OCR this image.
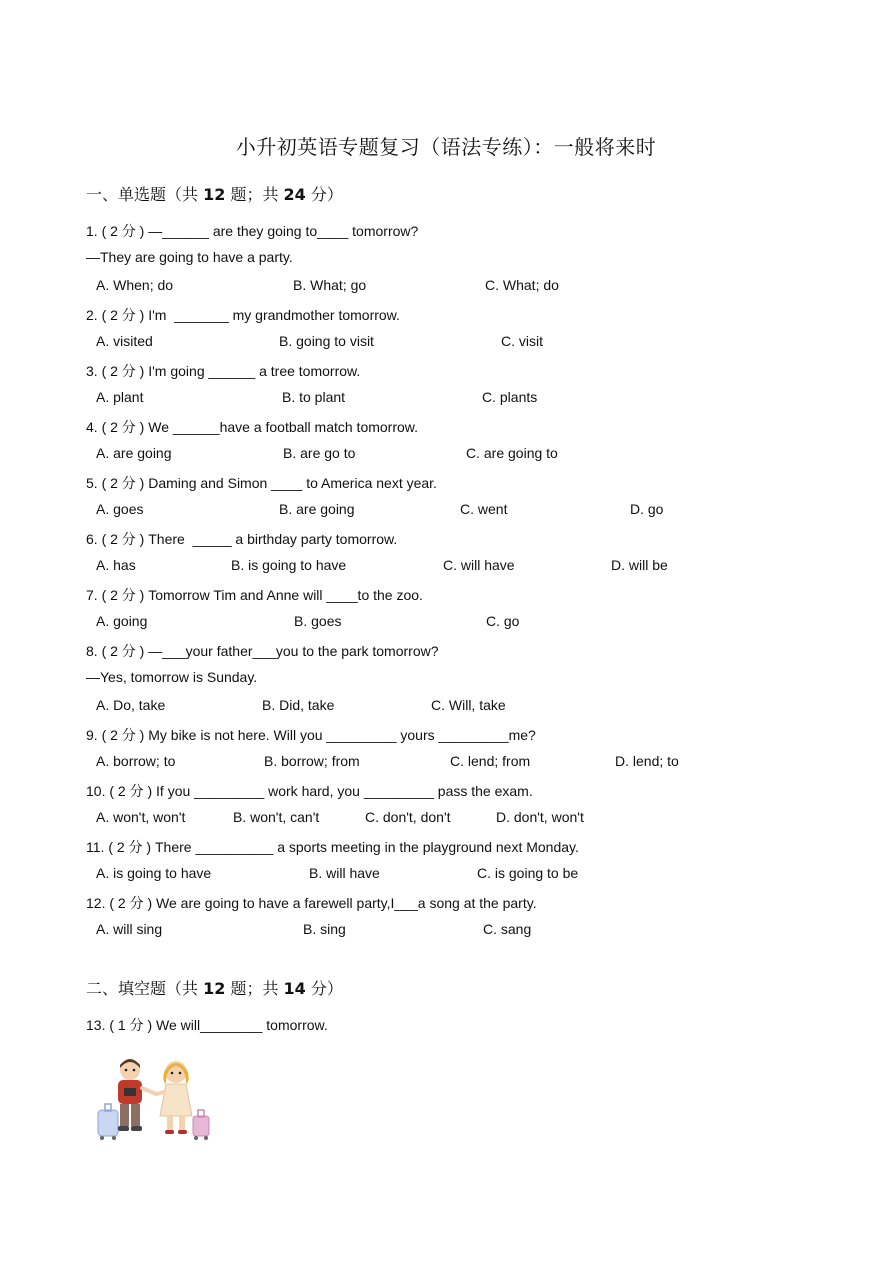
小升初英语专题复习（语法专练）：一般将来时
一、单选题（共 12 题；共 24 分）
1. ( 2 分 ) —______ are they going to____ tomorrow?
—They are going to have a party.
A. When; do	B. What; go	C. What; do
2. ( 2 分 ) I'm  _______ my grandmother tomorrow.
A. visited	B. going to visit	C. visit
3. ( 2 分 ) I'm going ______ a tree tomorrow.
A. plant	B. to plant	C. plants
4. ( 2 分 ) We ______have a football match tomorrow.
A. are going	B. are go to	C. are going to
5. ( 2 分 ) Daming and Simon ____ to America next year.
A. goes	B. are going	C. went	D. go
6. ( 2 分 ) There  _____ a birthday party tomorrow.
A. has	B. is going to have	C. will have	D. will be
7. ( 2 分 ) Tomorrow Tim and Anne will ____to the zoo.
A. going	B. goes	C. go
8. ( 2 分 ) —___your father___you to the park tomorrow?
—Yes, tomorrow is Sunday.
A. Do, take	B. Did, take	C. Will, take
9. ( 2 分 ) My bike is not here. Will you _________ yours _________me?
A. borrow; to	B. borrow; from	C. lend; from	D. lend; to
10. ( 2 分 ) If you _________ work hard, you _________ pass the exam.
A. won't, won't	B. won't, can't	C. don't, don't	D. don't, won't
11. ( 2 分 ) There __________ a sports meeting in the playground next Monday.
A. is going to have	B. will have	C. is going to be
12. ( 2 分 ) We are going to have a farewell party,I___a song at the party.
A. will sing	B. sing	C. sang
二、填空题（共 12 题；共 14 分）
13. ( 1 分 ) We will________ tomorrow.
